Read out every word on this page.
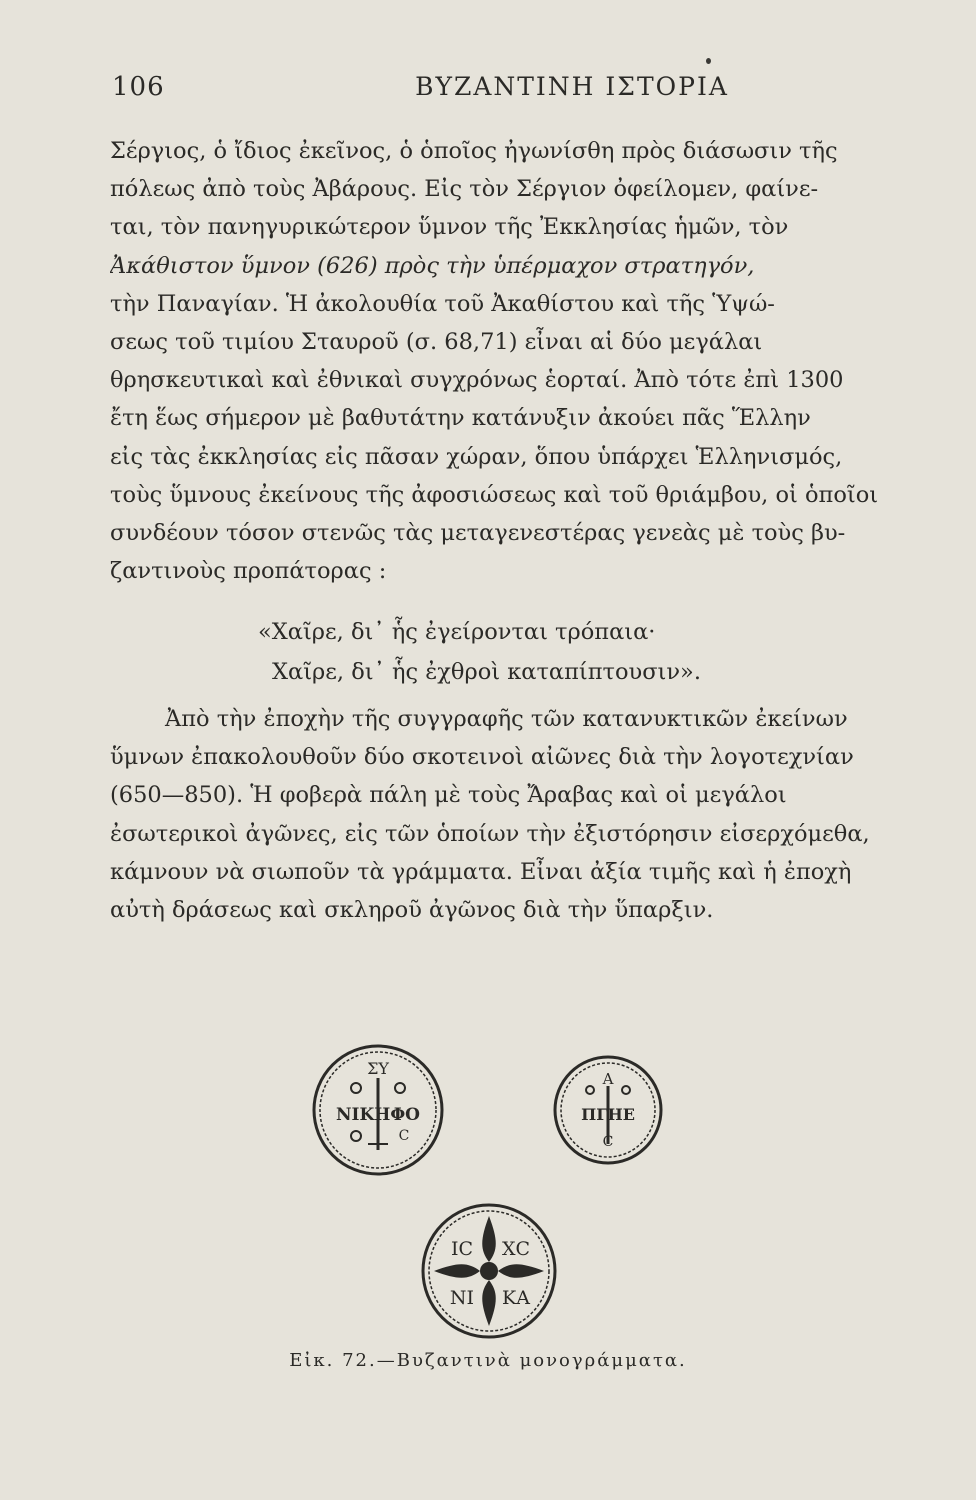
106	ΒΥΖΑΝΤΙΝΗ ΙΣΤΟΡΙΑ
Σέργιος, ὁ ἴδιος ἐκεῖνος, ὁ ὁποῖος ἠγωνίσθη πρὸς διάσωσιν τῆς
πόλεως ἀπὸ τοὺς Ἀβάρους. Εἰς τὸν Σέργιον ὀφείλομεν, φαίνε-
ται, τὸν πανηγυρικώτερον ὕμνον τῆς Ἐκκλησίας ἡμῶν, τὸν
Ἀκάθιστον ὕμνον (626) πρὸς τὴν ὑπέρμαχον στρατηγόν,
τὴν Παναγίαν. Ἡ ἀκολουθία τοῦ Ἀκαθίστου καὶ τῆς Ὑψώ-
σεως τοῦ τιμίου Σταυροῦ (σ. 68,71) εἶναι αἱ δύο μεγάλαι
θρησκευτικαὶ καὶ ἐθνικαὶ συγχρόνως ἑορταί. Ἀπὸ τότε ἐπὶ 1300
ἔτη ἕως σήμερον μὲ βαθυτάτην κατάνυξιν ἀκούει πᾶς Ἕλλην
εἰς τὰς ἐκκλησίας εἰς πᾶσαν χώραν, ὅπου ὑπάρχει Ἑλληνισμός,
τοὺς ὕμνους ἐκείνους τῆς ἀφοσιώσεως καὶ τοῦ θριάμβου, οἱ ὁποῖοι
συνδέουν τόσον στενῶς τὰς μεταγενεστέρας γενεὰς μὲ τοὺς βυ-
ζαντινοὺς προπάτορας :
«Χαῖρε, δι᾿ ἧς ἐγείρονται τρόπαια·
Χαῖρε, δι᾿ ἧς ἐχθροὶ καταπίπτουσιν».
Ἀπὸ τὴν ἐποχὴν τῆς συγγραφῆς τῶν κατανυκτικῶν ἐκείνων
ὕμνων ἐπακολουθοῦν δύο σκοτεινοὶ αἰῶνες διὰ τὴν λογοτεχνίαν
(650—850). Ἡ φοβερὰ πάλη μὲ τοὺς Ἄραβας καὶ οἱ μεγάλοι
ἐσωτερικοὶ ἀγῶνες, εἰς τῶν ὁποίων τὴν ἐξιστόρησιν εἰσερχόμεθα,
κάμνουν νὰ σιωποῦν τὰ γράμματα. Εἶναι ἀξία τιμῆς καὶ ἡ ἐποχὴ
αὐτὴ δράσεως καὶ σκληροῦ ἀγῶνος διὰ τὴν ὕπαρξιν.
ΣΥ
ΝΙΚΗΦΟ
C
Α
ΠΓΗΕ
C
ΙC ΧC
ΝΙ ΚΑ
Εἰκ. 72.—Βυζαντινὰ μονογράμματα.
